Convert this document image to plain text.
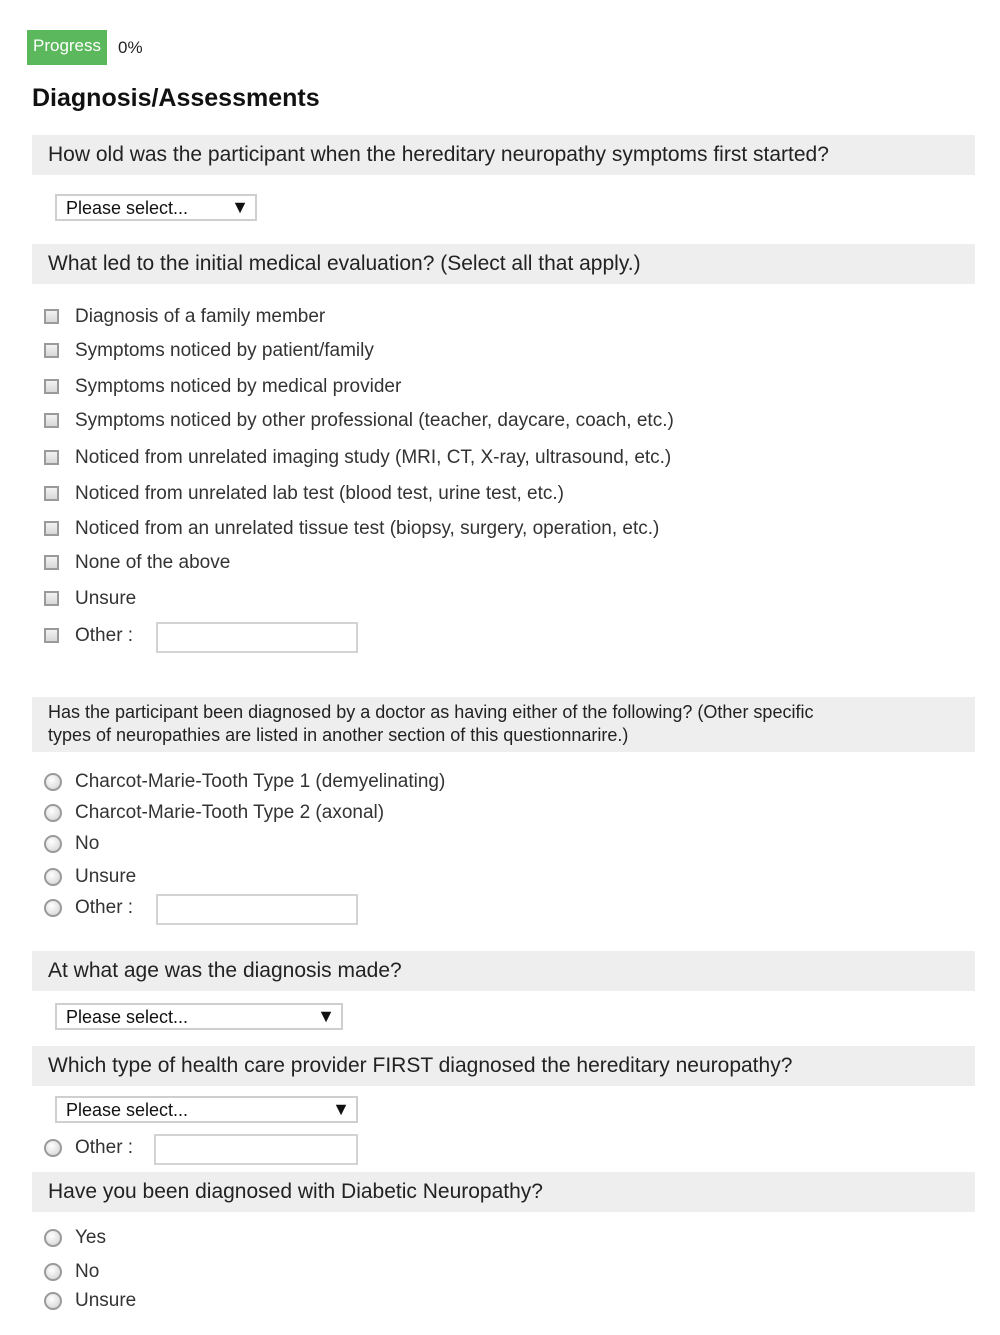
Progress 0%
Diagnosis/Assessments
How old was the participant when the hereditary neuropathy symptoms first started?
Please select... ▼
What led to the initial medical evaluation? (Select all that apply.)
Diagnosis of a family member
Symptoms noticed by patient/family
Symptoms noticed by medical provider
Symptoms noticed by other professional (teacher, daycare, coach, etc.)
Noticed from unrelated imaging study (MRI, CT, X-ray, ultrasound, etc.)
Noticed from unrelated lab test (blood test, urine test, etc.)
Noticed from an unrelated tissue test (biopsy, surgery, operation, etc.)
None of the above
Unsure
Other :
Has the participant been diagnosed by a doctor as having either of the following? (Other specific
types of neuropathies are listed in another section of this questionnarire.)
Charcot-Marie-Tooth Type 1 (demyelinating)
Charcot-Marie-Tooth Type 2 (axonal)
No
Unsure
Other :
At what age was the diagnosis made?
Please select...	▼
Which type of health care provider FIRST diagnosed the hereditary neuropathy?
Please select...	▼
Other :
Have you been diagnosed with Diabetic Neuropathy?
Yes
No
Unsure
